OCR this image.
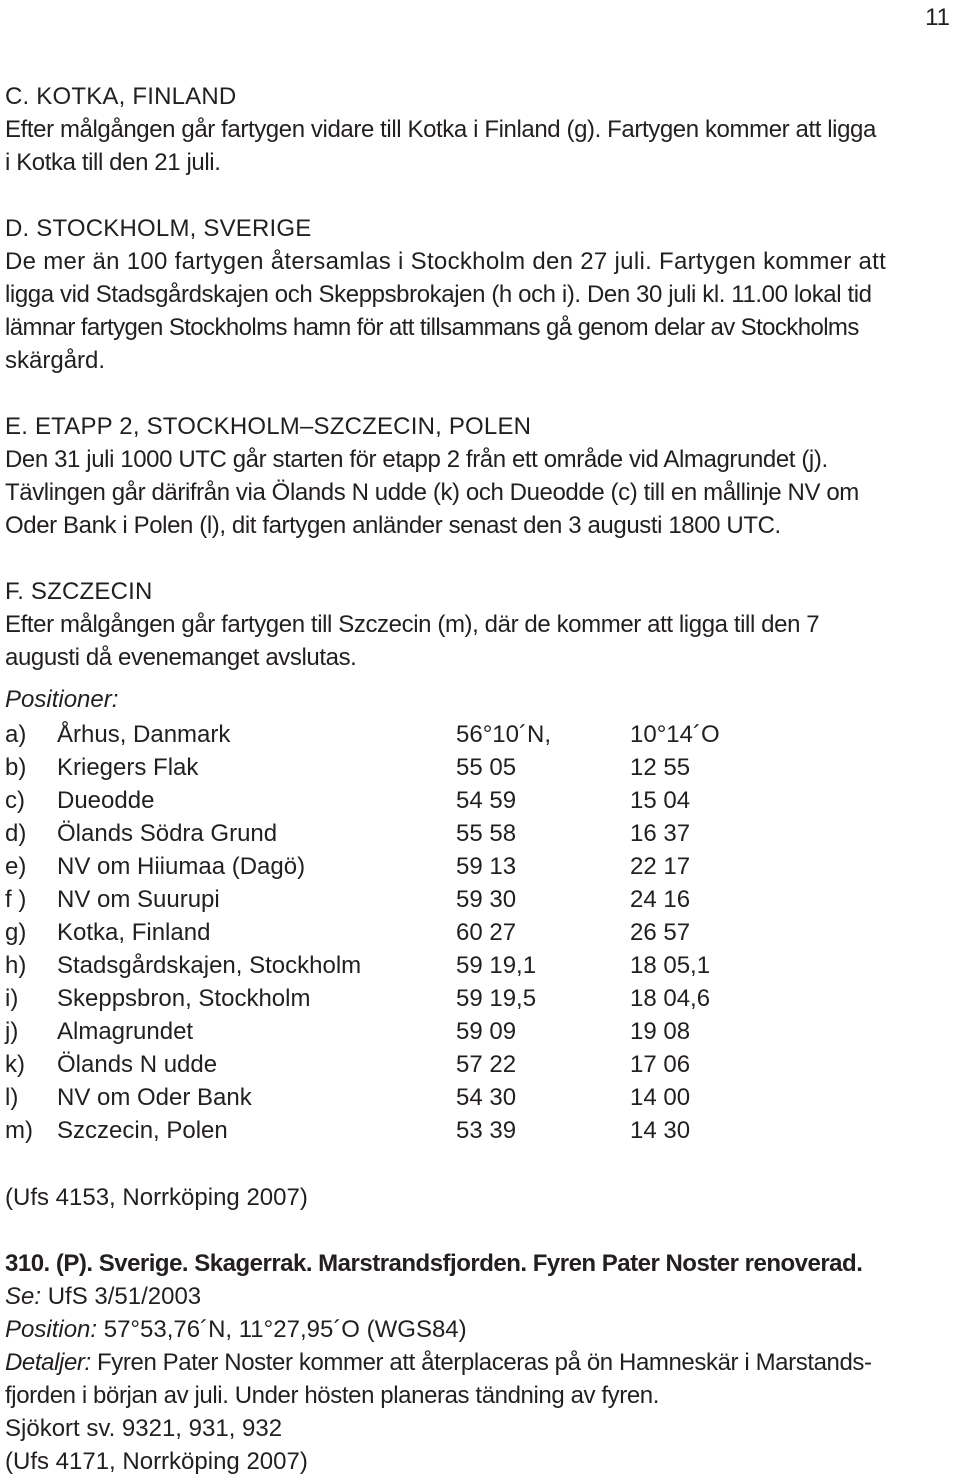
11
C. KOTKA, FINLAND
Efter målgången går fartygen vidare till Kotka i Finland (g). Fartygen kommer att ligga
i Kotka till den 21 juli.
D. STOCKHOLM, SVERIGE
De mer än 100 fartygen återsamlas i Stockholm den 27 juli. Fartygen kommer att
ligga vid Stadsgårdskajen och Skeppsbrokajen (h och i). Den 30 juli kl. 11.00 lokal tid
lämnar fartygen Stockholms hamn för att tillsammans gå genom delar av Stockholms
skärgård.
E. ETAPP 2, STOCKHOLM–SZCZECIN, POLEN
Den 31 juli 1000 UTC går starten för etapp 2 från ett område vid Almagrundet (j).
Tävlingen går därifrån via Ölands N udde (k) och Dueodde (c) till en mållinje NV om
Oder Bank i Polen (l), dit fartygen anländer senast den 3 augusti 1800 UTC.
F. SZCZECIN
Efter målgången går fartygen till Szczecin (m), där de kommer att ligga till den 7
augusti då evenemanget avslutas.
Positioner:
a) Århus, Danmark	56°10´N,	10°14´O
b) Kriegers Flak	55 05	12 55
c) Dueodde	54 59	15 04
d) Ölands Södra Grund	55 58	16 37
e) NV om Hiiumaa (Dagö)	59 13	22 17
f ) NV om Suurupi	59 30	24 16
g) Kotka, Finland	60 27	26 57
h) Stadsgårdskajen, Stockholm	59 19,1	18 05,1
i) Skeppsbron, Stockholm	59 19,5	18 04,6
j) Almagrundet	59 09	19 08
k) Ölands N udde	57 22	17 06
l) NV om Oder Bank	54 30	14 00
m) Szczecin, Polen	53 39	14 30
(Ufs 4153, Norrköping 2007)
310. (P). Sverige. Skagerrak. Marstrandsfjorden. Fyren Pater Noster renoverad.
Se: UfS 3/51/2003
Position: 57°53,76´N, 11°27,95´O (WGS84)
Detaljer: Fyren Pater Noster kommer att återplaceras på ön Hamneskär i Marstands-
fjorden i början av juli. Under hösten planeras tändning av fyren.
Sjökort sv. 9321, 931, 932
(Ufs 4171, Norrköping 2007)
